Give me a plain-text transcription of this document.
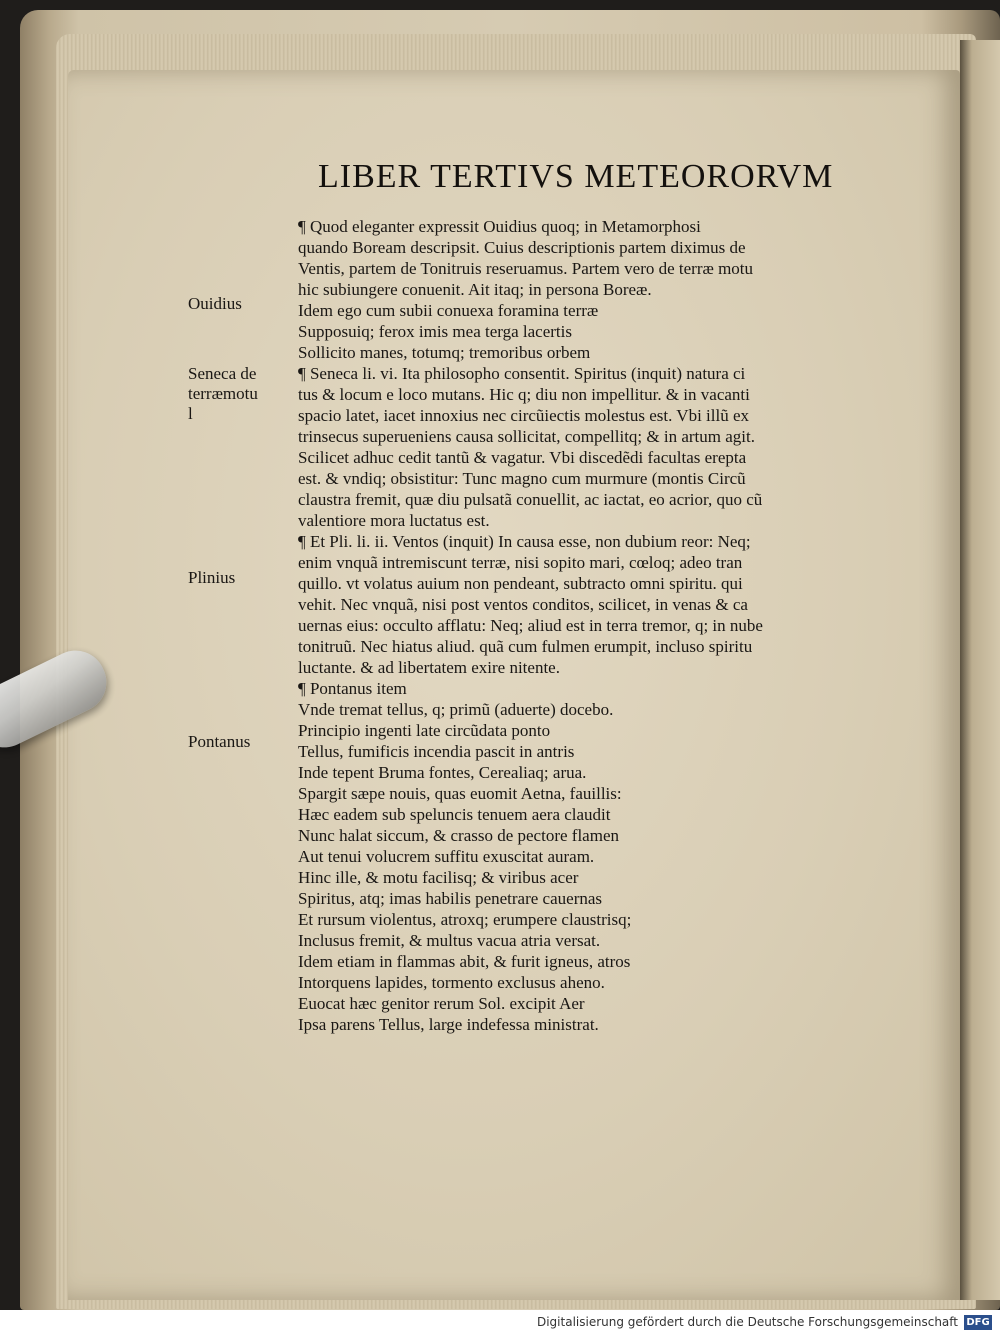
LIBER TERTIVS METEORORVM
Ouidius
Seneca de
terræmotu
l
Plinius
Pontanus
¶ Quod eleganter expressit Ouidius quoq; in Metamorphosi
quando Boream descripsit. Cuius descriptionis partem diximus de
Ventis, partem de Tonitruis reseruamus. Partem vero de terræ motu
hic subiungere conuenit. Ait itaq; in persona Boreæ.
Idem ego cum subii conuexa foramina terræ
Supposuiq; ferox imis mea terga lacertis
Sollicito manes, totumq; tremoribus orbem
¶ Seneca li. vi. Ita philosopho consentit. Spiritus (inquit) natura ci
tus & locum e loco mutans. Hic q; diu non impellitur. & in vacanti
spacio latet, iacet innoxius nec circũiectis molestus est. Vbi illũ ex
trinsecus superueniens causa sollicitat, compellitq; & in artum agit.
Scilicet adhuc cedit tantũ & vagatur. Vbi discedẽdi facultas erepta
est. & vndiq; obsistitur: Tunc magno cum murmure (montis Circũ
claustra fremit, quæ diu pulsatã conuellit, ac iactat, eo acrior, quo cũ
valentiore mora luctatus est.
¶ Et Pli. li. ii. Ventos (inquit) In causa esse, non dubium reor: Neq;
enim vnquã intremiscunt terræ, nisi sopito mari, cœloq; adeo tran
quillo. vt volatus auium non pendeant, subtracto omni spiritu. qui
vehit. Nec vnquã, nisi post ventos conditos, scilicet, in venas & ca
uernas eius: occulto afflatu: Neq; aliud est in terra tremor, q; in nube
tonitruũ. Nec hiatus aliud. quã cum fulmen erumpit, incluso spiritu
luctante. & ad libertatem exire nitente.
¶ Pontanus item
Vnde tremat tellus, q; primũ (aduerte) docebo.
Principio ingenti late circũdata ponto
Tellus, fumificis incendia pascit in antris
Inde tepent Bruma fontes, Cerealiaq; arua.
Spargit sæpe nouis, quas euomit Aetna, fauillis:
Hæc eadem sub speluncis tenuem aera claudit
Nunc halat siccum, & crasso de pectore flamen
Aut tenui volucrem suffitu exuscitat auram.
Hinc ille, & motu facilisq; & viribus acer
Spiritus, atq; imas habilis penetrare cauernas
Et rursum violentus, atroxq; erumpere claustrisq;
Inclusus fremit, & multus vacua atria versat.
Idem etiam in flammas abit, & furit igneus, atros
Intorquens lapides, tormento exclusus aheno.
Euocat hæc genitor rerum Sol. excipit Aer
Ipsa parens Tellus, large indefessa ministrat.
Digitalisierung gefördert durch die Deutsche Forschungsgemeinschaft DFG
